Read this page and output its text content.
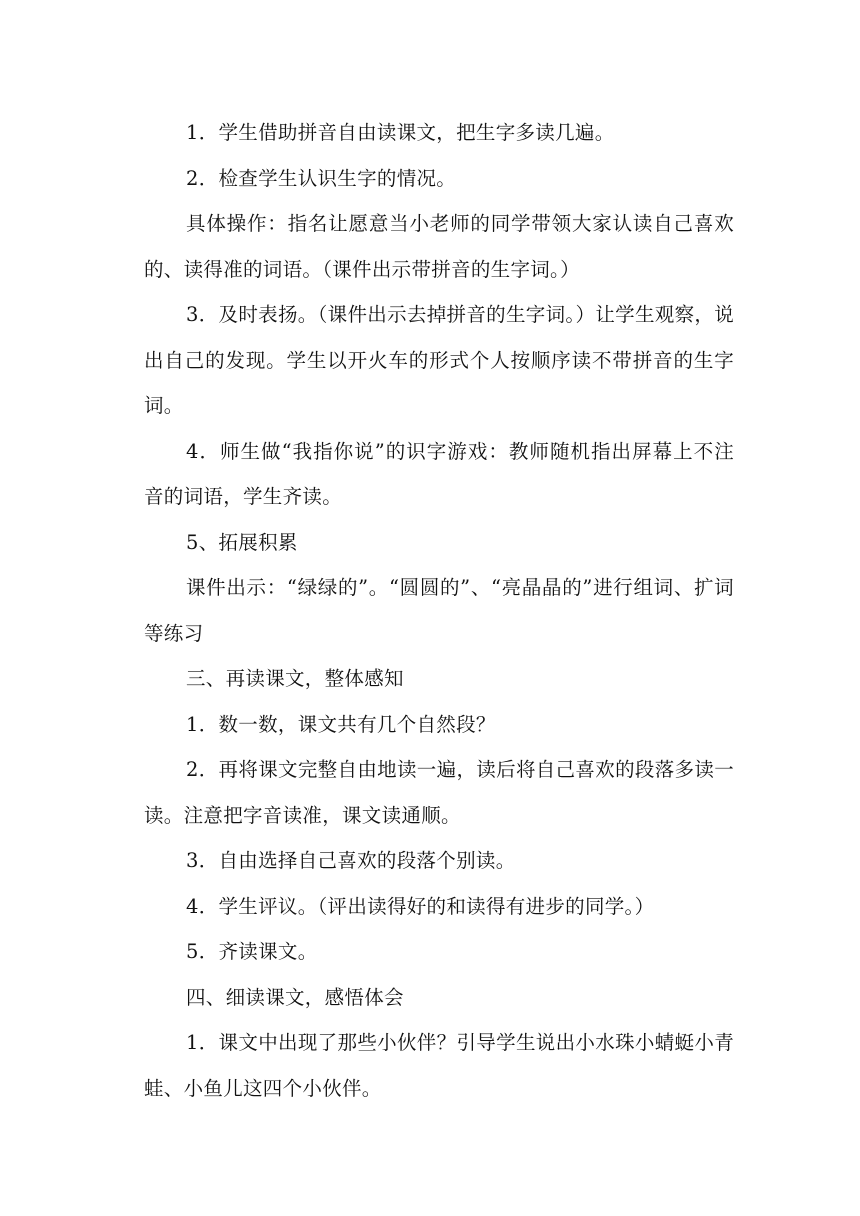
1．学生借助拼音自由读课文，把生字多读几遍。

2．检查学生认识生字的情况。

具体操作：指名让愿意当小老师的同学带领大家认读自己喜欢的、读得准的词语。（课件出示带拼音的生字词。）

3．及时表扬。（课件出示去掉拼音的生字词。）让学生观察，说出自己的发现。学生以开火车的形式个人按顺序读不带拼音的生字词。

4．师生做“我指你说”的识字游戏：教师随机指出屏幕上不注音的词语，学生齐读。

5、拓展积累

课件出示：“绿绿的”。“圆圆的”、“亮晶晶的”进行组词、扩词等练习

三、再读课文，整体感知

1．数一数，课文共有几个自然段？

2．再将课文完整自由地读一遍，读后将自己喜欢的段落多读一读。注意把字音读准，课文读通顺。

3．自由选择自己喜欢的段落个别读。

4．学生评议。（评出读得好的和读得有进步的同学。）

5．齐读课文。

四、细读课文，感悟体会

1．课文中出现了那些小伙伴？引导学生说出小水珠小蜻蜓小青蛙、小鱼儿这四个小伙伴。
